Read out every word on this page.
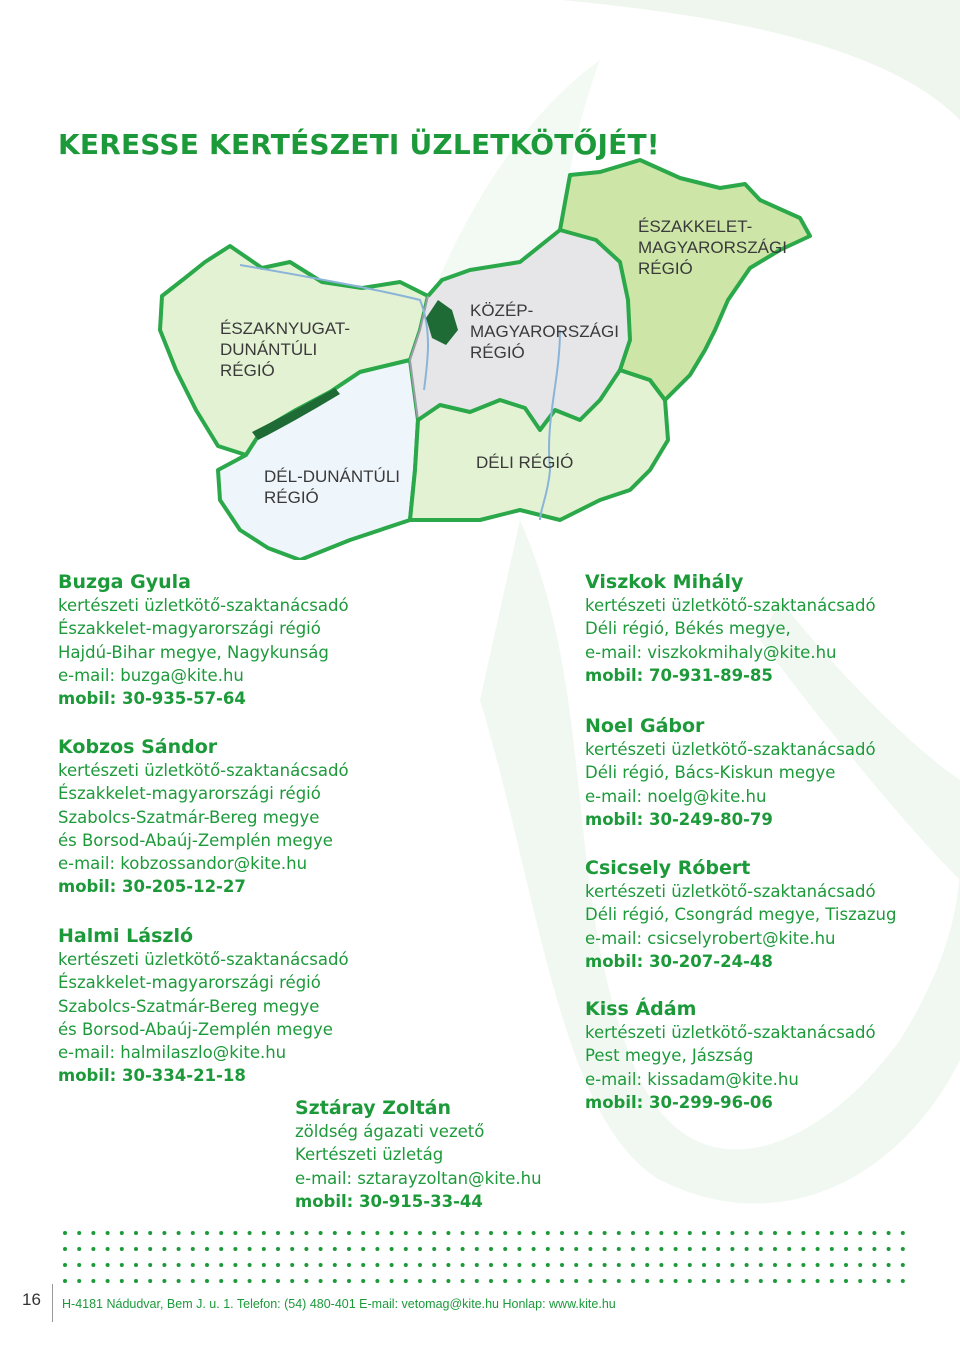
KERESSE KERTÉSZETI ÜZLETKÖTŐJÉT!
ÉSZAKNYUGAT-
DUNÁNTÚLI
RÉGIÓ
KÖZÉP-
MAGYARORSZÁGI
RÉGIÓ
ÉSZAKKELET-
MAGYARORSZÁGI
RÉGIÓ
DÉL-DUNÁNTÚLI
RÉGIÓ
DÉLI RÉGIÓ
Buzga Gyula
kertészeti üzletkötő-szaktanácsadó
Északkelet-magyarországi régió
Hajdú-Bihar megye, Nagykunság
e-mail: buzga@kite.hu
mobil: 30-935-57-64
Kobzos Sándor
kertészeti üzletkötő-szaktanácsadó
Északkelet-magyarországi régió
Szabolcs-Szatmár-Bereg megye
és Borsod-Abaúj-Zemplén megye
e-mail: kobzossandor@kite.hu
mobil: 30-205-12-27
Halmi László
kertészeti üzletkötő-szaktanácsadó
Északkelet-magyarországi régió
Szabolcs-Szatmár-Bereg megye
és Borsod-Abaúj-Zemplén megye
e-mail: halmilaszlo@kite.hu
mobil: 30-334-21-18
Viszkok Mihály
kertészeti üzletkötő-szaktanácsadó
Déli régió, Békés megye,
e-mail: viszkokmihaly@kite.hu
mobil: 70-931-89-85
Noel Gábor
kertészeti üzletkötő-szaktanácsadó
Déli régió, Bács-Kiskun megye
e-mail: noelg@kite.hu
mobil: 30-249-80-79
Csicsely Róbert
kertészeti üzletkötő-szaktanácsadó
Déli régió, Csongrád megye, Tiszazug
e-mail: csicselyrobert@kite.hu
mobil: 30-207-24-48
Kiss Ádám
kertészeti üzletkötő-szaktanácsadó
Pest megye, Jászság
e-mail: kissadam@kite.hu
mobil: 30-299-96-06
Sztáray Zoltán
zöldség ágazati vezető
Kertészeti üzletág
e-mail: sztarayzoltan@kite.hu
mobil: 30-915-33-44
16 H-4181 Nádudvar, Bem J. u. 1. Telefon: (54) 480-401 E-mail: vetomag@kite.hu Honlap: www.kite.hu
